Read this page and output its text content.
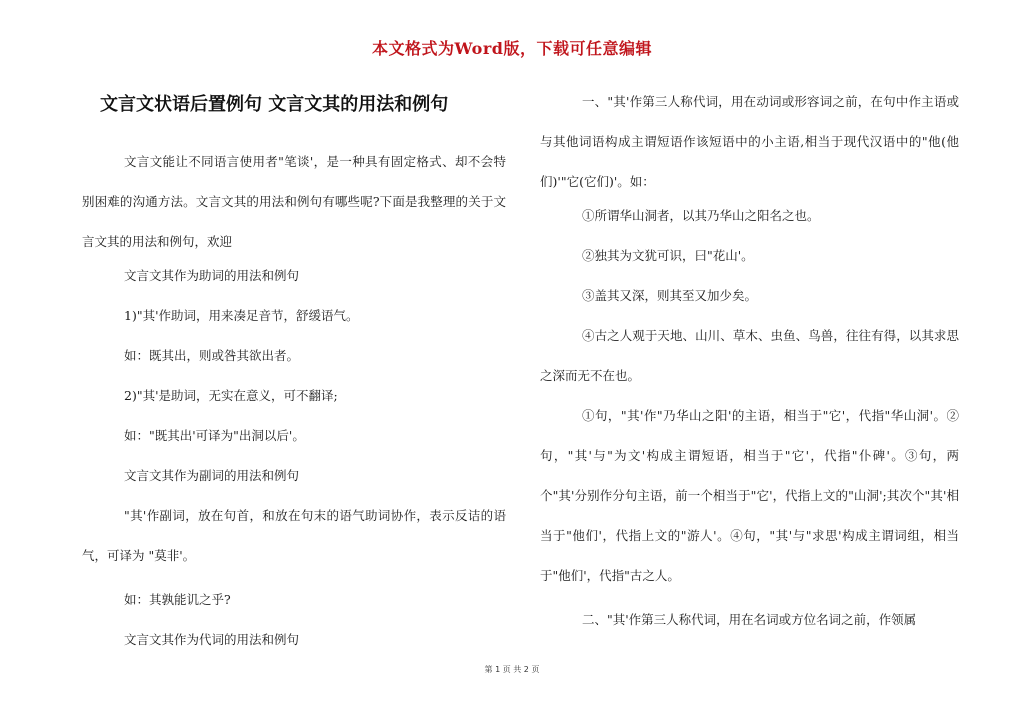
本文格式为Word版，下载可任意编辑
文言文状语后置例句 文言文其的用法和例句
文言文能让不同语言使用者"笔谈'，是一种具有固定格式、却不会特别困难的沟通方法。文言文其的用法和例句有哪些呢?下面是我整理的关于文言文其的用法和例句，欢迎
文言文其作为助词的用法和例句
1)"其'作助词，用来凑足音节，舒缓语气。
如：既其出，则或咎其欲出者。
2)"其'是助词，无实在意义，可不翻译;
如："既其出'可译为"出洞以后'。
文言文其作为副词的用法和例句
"其'作副词，放在句首，和放在句末的语气助词协作，表示反诘的语气，可译为 "莫非'。
如：其孰能讥之乎?
文言文其作为代词的用法和例句
一、"其'作第三人称代词，用在动词或形容词之前，在句中作主语或与其他词语构成主谓短语作该短语中的小主语,相当于现代汉语中的"他(他们)'"它(它们)'。如：
①所谓华山洞者，以其乃华山之阳名之也。
②独其为文犹可识，曰"花山'。
③盖其又深，则其至又加少矣。
④古之人观于天地、山川、草木、虫鱼、鸟兽，往往有得，以其求思之深而无不在也。
①句，"其'作"乃华山之阳'的主语，相当于"它'，代指"华山洞'。②句，"其'与"为文'构成主谓短语，相当于"它'，代指"仆碑'。③句，两个"其'分别作分句主语，前一个相当于"它'，代指上文的"山洞';其次个"其'相当于"他们'，代指上文的"游人'。④句，"其'与"求思'构成主谓词组，相当于"他们'，代指"古之人。
二、"其'作第三人称代词，用在名词或方位名词之前，作领属
第 1 页 共 2 页
